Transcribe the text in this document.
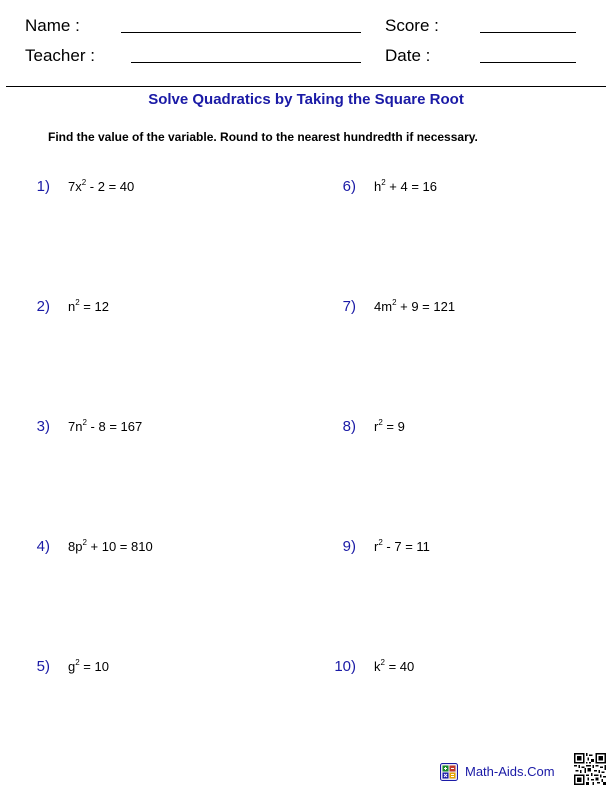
Name :
Teacher :
Score :
Date :
Solve Quadratics by Taking the Square Root
Find the value of the variable. Round to the nearest hundredth if necessary.
1) $7x^2 - 2 = 40$
2) $n^2 = 12$
3) $7n^2 - 8 = 167$
4) $8p^2 + 10 = 810$
5) $g^2 = 10$
6) $h^2 + 4 = 16$
7) $4m^2 + 9 = 121$
8) $r^2 = 9$
9) $r^2 - 7 = 11$
10) $k^2 = 40$
Math-Aids.Com
